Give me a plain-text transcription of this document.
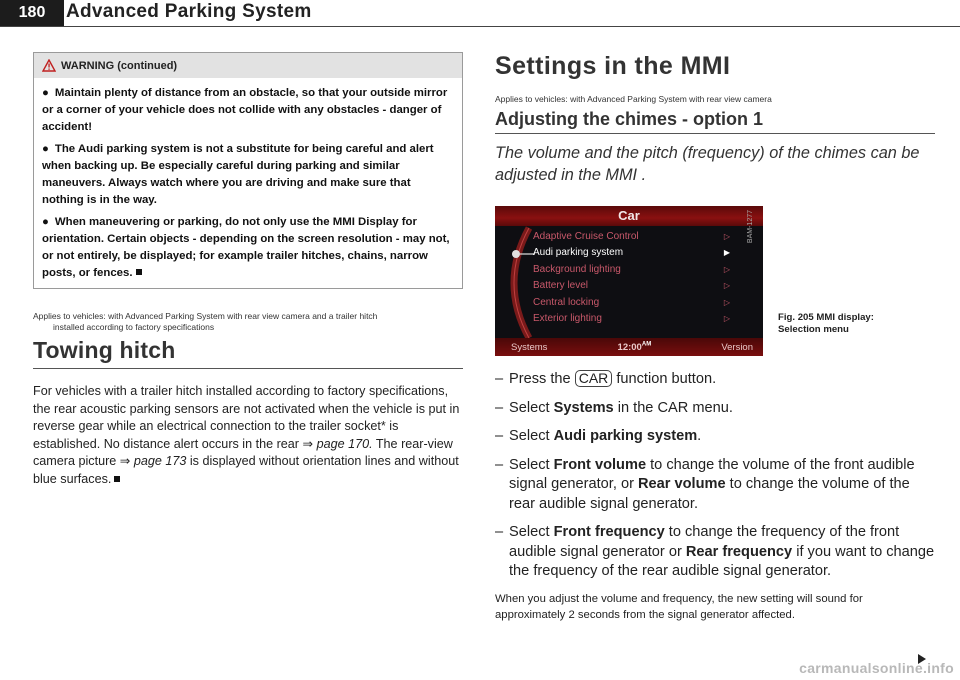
180	Advanced Parking System
WARNING (continued)

● Maintain plenty of distance from an obstacle, so that your outside mirror or a corner of your vehicle does not collide with any obstacles - danger of accident!

● The Audi parking system is not a substitute for being careful and alert when backing up. Be especially careful during parking and similar maneuvers. Always watch where you are driving and make sure that nothing is in the way.

● When maneuvering or parking, do not only use the MMI Display for orientation. Certain objects - depending on the screen resolution - may not, or not entirely, be displayed; for example trailer hitches, chains, narrow posts, or fences.

Applies to vehicles: with Advanced Parking System with rear view camera and a trailer hitch
installed according to factory specifications
Towing hitch
For vehicles with a trailer hitch installed according to factory specifications, the rear acoustic parking sensors are not activated when the vehicle is put in reverse gear while an electrical connection to the trailer socket* is established. No distance alert occurs in the rear ⇒ page 170. The rear-view camera picture ⇒ page 173 is displayed without orientation lines and without blue surfaces.
Settings in the MMI
Applies to vehicles: with Advanced Parking System with rear view camera
Adjusting the chimes - option 1
The volume and the pitch (frequency) of the chimes can be adjusted in the MMI .
Car
Adaptive Cruise Control	▷
Audi parking system	▶
Background lighting	▷
Battery level	▷
Central locking	▷
Exterior lighting	▷
Systems	$12:00^{AM}$	Version
BAM-1277
Fig. 205 MMI display:
Selection menu
– Press the CAR function button.
– Select Systems in the CAR menu.
– Select Audi parking system.
– Select Front volume to change the volume of the front audible signal generator, or Rear volume to change the volume of the rear audible signal generator.
– Select Front frequency to change the frequency of the front audible signal generator or Rear frequency if you want to change the frequency of the rear audible signal generator.
When you adjust the volume and frequency, the new setting will sound for approximately 2 seconds from the signal generator affected.
carmanualsonline.info
